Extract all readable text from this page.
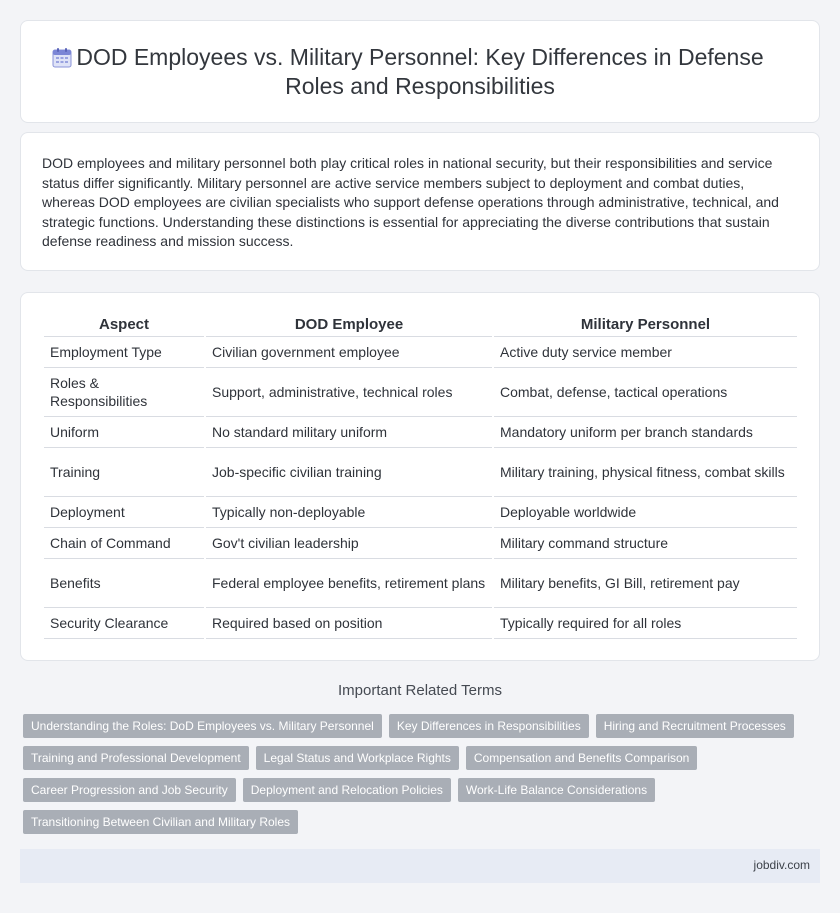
DOD Employees vs. Military Personnel: Key Differences in Defense Roles and Responsibilities

DOD employees and military personnel both play critical roles in national security, but their responsibilities and service status differ significantly. Military personnel are active service members subject to deployment and combat duties, whereas DOD employees are civilian specialists who support defense operations through administrative, technical, and strategic functions. Understanding these distinctions is essential for appreciating the diverse contributions that sustain defense readiness and mission success.

Aspect	DOD Employee	Military Personnel
Employment Type	Civilian government employee	Active duty service member
Roles & Responsibilities	Support, administrative, technical roles	Combat, defense, tactical operations
Uniform	No standard military uniform	Mandatory uniform per branch standards
Training	Job-specific civilian training	Military training, physical fitness, combat skills
Deployment	Typically non-deployable	Deployable worldwide
Chain of Command	Gov't civilian leadership	Military command structure
Benefits	Federal employee benefits, retirement plans	Military benefits, GI Bill, retirement pay
Security Clearance	Required based on position	Typically required for all roles
Important Related Terms
Understanding the Roles: DoD Employees vs. Military Personnel	Key Differences in Responsibilities	Hiring and Recruitment Processes
Training and Professional Development	Legal Status and Workplace Rights	Compensation and Benefits Comparison
Career Progression and Job Security	Deployment and Relocation Policies	Work-Life Balance Considerations
Transitioning Between Civilian and Military Roles
jobdiv.com
